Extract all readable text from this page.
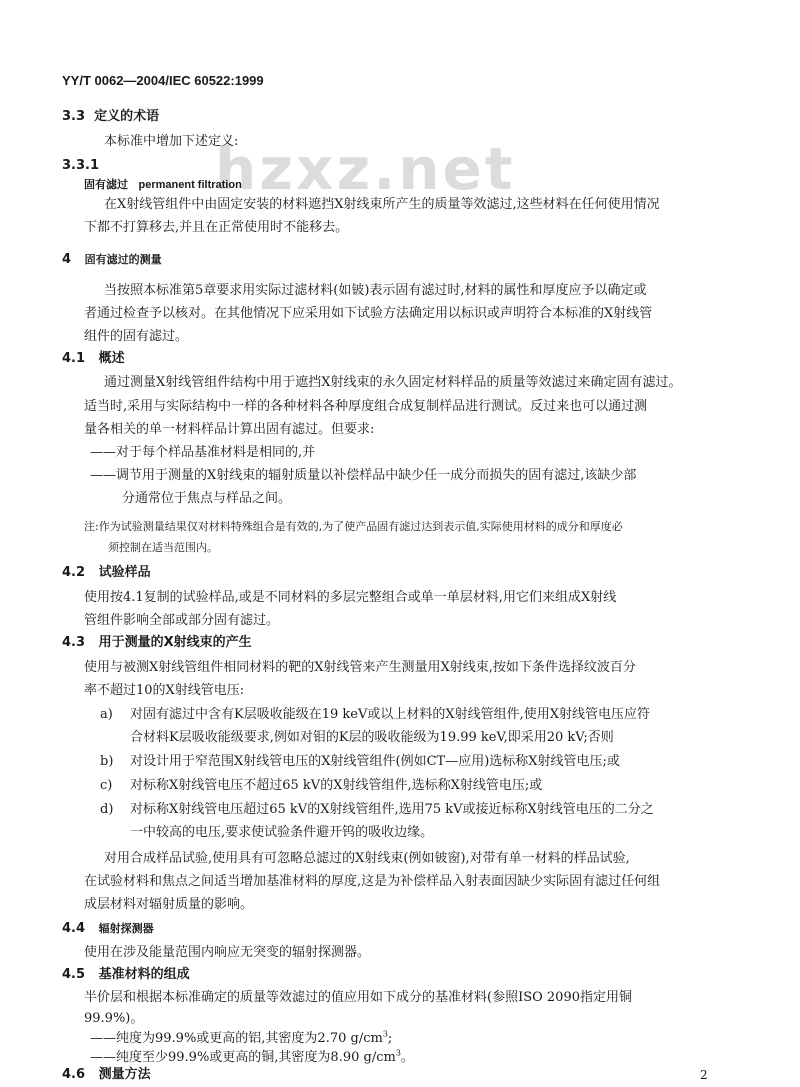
YY/T 0062—2004/IEC 60522:1999
hzxz.net
3.3 定义的术语
本标准中增加下述定义:
3.3.1
固有滤过 permanent filtration
在X射线管组件中由固定安装的材料遮挡X射线束所产生的质量等效滤过,这些材料在任何使用情况
下都不打算移去,并且在正常使用时不能移去。
4 固有滤过的测量
当按照本标准第5章要求用实际过滤材料(如铍)表示固有滤过时,材料的属性和厚度应予以确定或
者通过检查予以核对。在其他情况下应采用如下试验方法确定用以标识或声明符合本标准的X射线管
组件的固有滤过。
4.1 概述
通过测量X射线管组件结构中用于遮挡X射线束的永久固定材料样品的质量等效滤过来确定固有滤过。
适当时,采用与实际结构中一样的各种材料各种厚度组合成复制样品进行测试。反过来也可以通过测
量各相关的单一材料样品计算出固有滤过。但要求:
——对于每个样品基准材料是相同的,并
——调节用于测量的X射线束的辐射质量以补偿样品中缺少任一成分而损失的固有滤过,该缺少部
分通常位于焦点与样品之间。
注:作为试验测量结果仅对材料特殊组合是有效的,为了使产品固有滤过达到表示值,实际使用材料的成分和厚度必
须控制在适当范围内。
4.2 试验样品
使用按4.1复制的试验样品,或是不同材料的多层完整组合或单一单层材料,用它们来组成X射线
管组件影响全部或部分固有滤过。
4.3 用于测量的X射线束的产生
使用与被测X射线管组件相同材料的靶的X射线管来产生测量用X射线束,按如下条件选择纹波百分
率不超过10的X射线管电压:
a) 对固有滤过中含有K层吸收能级在19 keV或以上材料的X射线管组件,使用X射线管电压应符
合材料K层吸收能级要求,例如对钼的K层的吸收能级为19.99 keV,即采用20 kV;否则
b) 对设计用于窄范围X射线管电压的X射线管组件(例如CT—应用)选标称X射线管电压;或
c) 对标称X射线管电压不超过65 kV的X射线管组件,选标称X射线管电压;或
d) 对标称X射线管电压超过65 kV的X射线管组件,选用75 kV或接近标称X射线管电压的二分之
一中较高的电压,要求使试验条件避开钨的吸收边缘。
对用合成样品试验,使用具有可忽略总滤过的X射线束(例如铍窗),对带有单一材料的样品试验,
在试验材料和焦点之间适当增加基准材料的厚度,这是为补偿样品入射表面因缺少实际固有滤过任何组
成层材料对辐射质量的影响。
4.4 辐射探测器
使用在涉及能量范围内响应无突变的辐射探测器。
4.5 基准材料的组成
半价层和根据本标准确定的质量等效滤过的值应用如下成分的基准材料(参照ISO 2090指定用铜
99.9%)。
——纯度为99.9%或更高的铝,其密度为2.70 $g/cm^3$;
——纯度至少99.9%或更高的铜,其密度为8.90 $g/cm^3$。
4.6 测量方法	2
